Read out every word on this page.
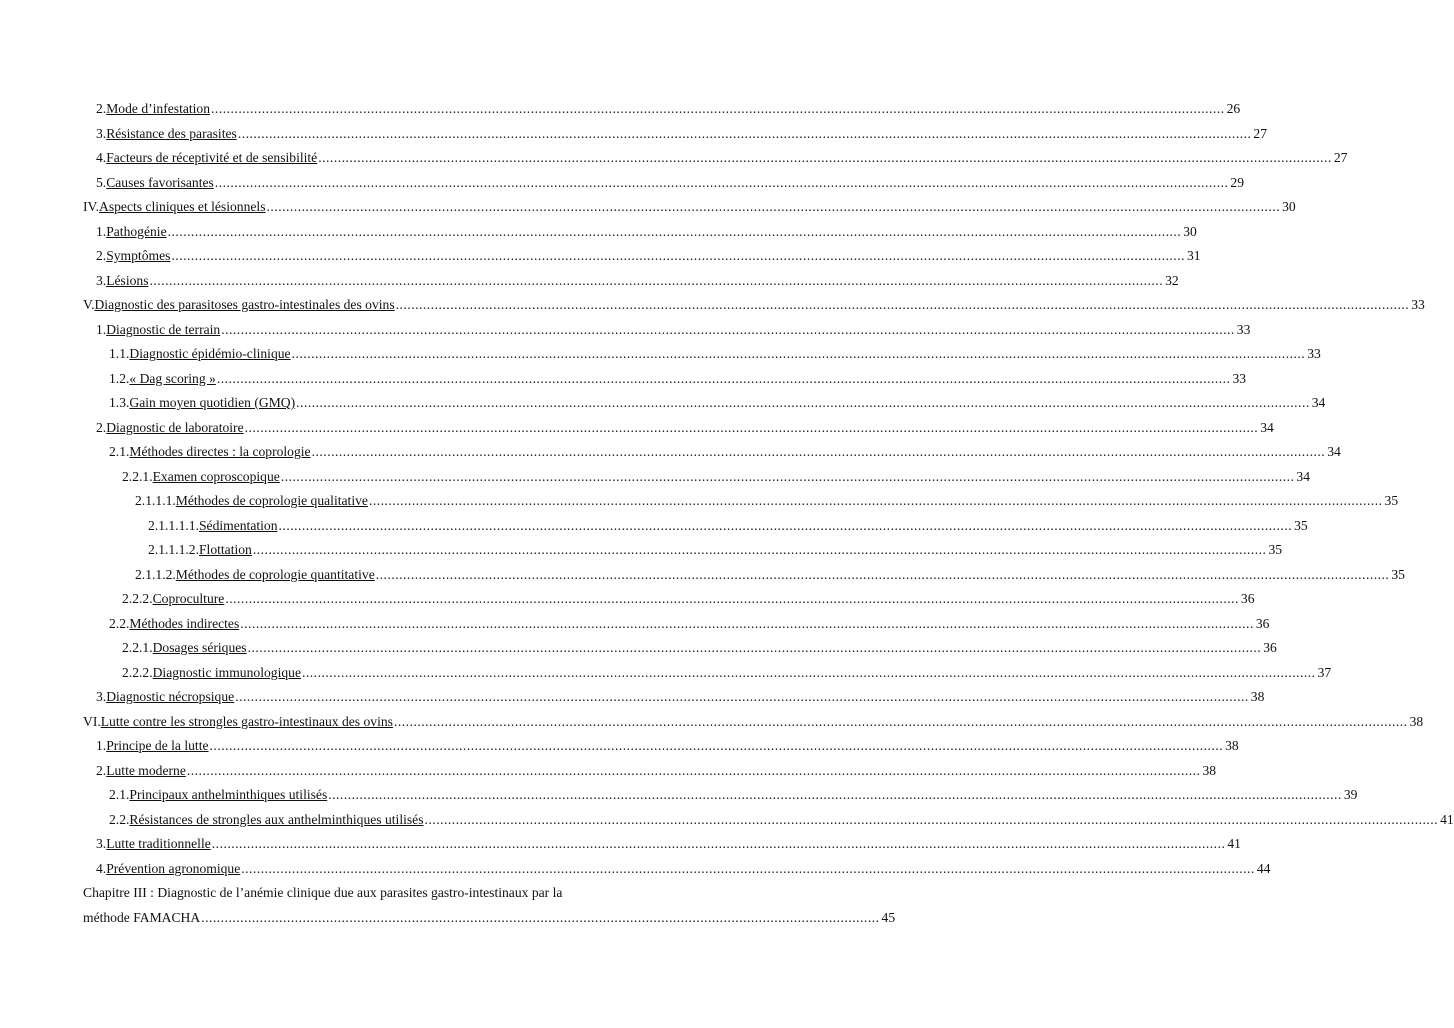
2. Mode d’infestation .................................................................................................................................................................................................................................................................... 26
3. Résistance des parasites .................................................................................................................................................................................................................................................................... 27
4. Facteurs de réceptivité et de sensibilité .................................................................................................................................................................................................................................................................... 27
5. Causes favorisantes .................................................................................................................................................................................................................................................................... 29
IV. Aspects cliniques et lésionnels .................................................................................................................................................................................................................................................................... 30
1. Pathogénie .................................................................................................................................................................................................................................................................... 30
2. Symptômes .................................................................................................................................................................................................................................................................... 31
3. Lésions .................................................................................................................................................................................................................................................................... 32
V. Diagnostic des parasitoses gastro-intestinales des ovins .................................................................................................................................................................................................................................................................... 33
1. Diagnostic de terrain .................................................................................................................................................................................................................................................................... 33
1.1. Diagnostic épidémio-clinique .................................................................................................................................................................................................................................................................... 33
1.2. « Dag scoring » .................................................................................................................................................................................................................................................................... 33
1.3. Gain moyen quotidien (GMQ) .................................................................................................................................................................................................................................................................... 34
2. Diagnostic de laboratoire .................................................................................................................................................................................................................................................................... 34
2.1. Méthodes directes : la coprologie .................................................................................................................................................................................................................................................................... 34
2.2.1. Examen coproscopique .................................................................................................................................................................................................................................................................... 34
2.1.1.1. Méthodes de coprologie qualitative .................................................................................................................................................................................................................................................................... 35
2.1.1.1.1. Sédimentation .................................................................................................................................................................................................................................................................... 35
2.1.1.1.2. Flottation .................................................................................................................................................................................................................................................................... 35
2.1.1.2. Méthodes de coprologie quantitative .................................................................................................................................................................................................................................................................... 35
2.2.2. Coproculture .................................................................................................................................................................................................................................................................... 36
2.2. Méthodes indirectes .................................................................................................................................................................................................................................................................... 36
2.2.1. Dosages sériques .................................................................................................................................................................................................................................................................... 36
2.2.2. Diagnostic immunologique .................................................................................................................................................................................................................................................................... 37
3. Diagnostic nécropsique .................................................................................................................................................................................................................................................................... 38
VI. Lutte contre les strongles gastro-intestinaux des ovins .................................................................................................................................................................................................................................................................... 38
1. Principe de la lutte .................................................................................................................................................................................................................................................................... 38
2. Lutte moderne .................................................................................................................................................................................................................................................................... 38
2.1. Principaux anthelminthiques utilisés .................................................................................................................................................................................................................................................................... 39
2.2. Résistances de strongles aux anthelminthiques utilisés .................................................................................................................................................................................................................................................................... 41
3. Lutte traditionnelle .................................................................................................................................................................................................................................................................... 41
4. Prévention agronomique .................................................................................................................................................................................................................................................................... 44
Chapitre III : Diagnostic de l’anémie clinique due aux parasites gastro-intestinaux par la
méthode FAMACHA .............................................................................................................................................................................. 45
